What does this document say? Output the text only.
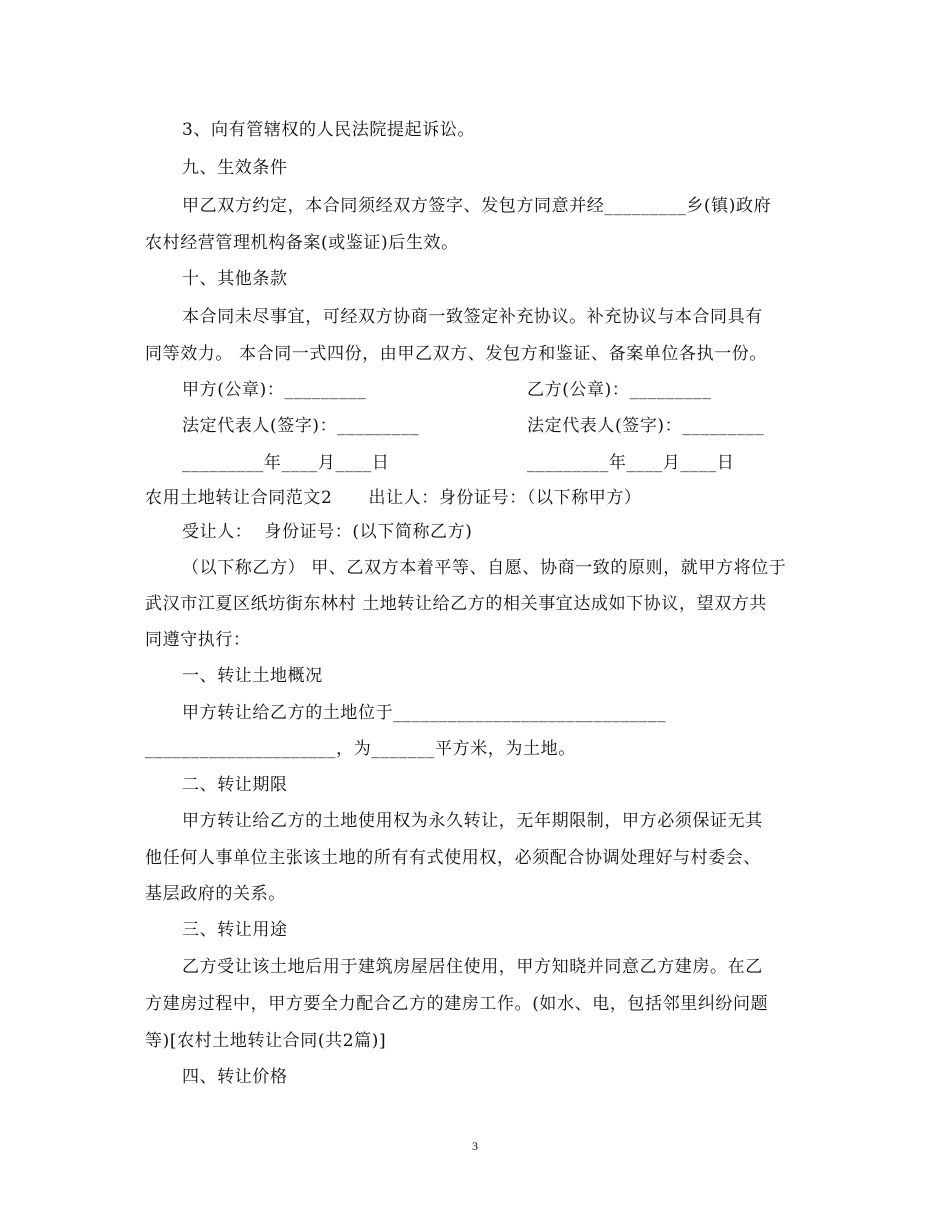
3、向有管辖权的人民法院提起诉讼。
九、生效条件
甲乙双方约定，本合同须经双方签字、发包方同意并经_________乡(镇)政府
农村经营管理机构备案(或鉴证)后生效。
十、其他条款
本合同未尽事宜，可经双方协商一致签定补充协议。补充协议与本合同具有
同等效力。 本合同一式四份，由甲乙双方、发包方和鉴证、备案单位各执一份。
甲方(公章)：_________	乙方(公章)：_________
法定代表人(签字)：_________	法定代表人(签字)：_________
_________年____月____日	_________年____月____日
农用土地转让合同范文2      出让人：身份证号：（以下称甲方）
受让人：  身份证号：(以下简称乙方)
（以下称乙方） 甲、乙双方本着平等、自愿、协商一致的原则，就甲方将位于
武汉市江夏区纸坊街东林村 土地转让给乙方的相关事宜达成如下协议，望双方共
同遵守执行：
一、转让土地概况
甲方转让给乙方的土地位于______________________________
_____________________，为_______平方米，为土地。
二、转让期限
甲方转让给乙方的土地使用权为永久转让，无年期限制，甲方必须保证无其
他任何人事单位主张该土地的所有有式使用权，必须配合协调处理好与村委会、
基层政府的关系。
三、转让用途
乙方受让该土地后用于建筑房屋居住使用，甲方知晓并同意乙方建房。在乙
方建房过程中，甲方要全力配合乙方的建房工作。(如水、电，包括邻里纠纷问题
等)[农村土地转让合同(共2篇)]
四、转让价格
3
